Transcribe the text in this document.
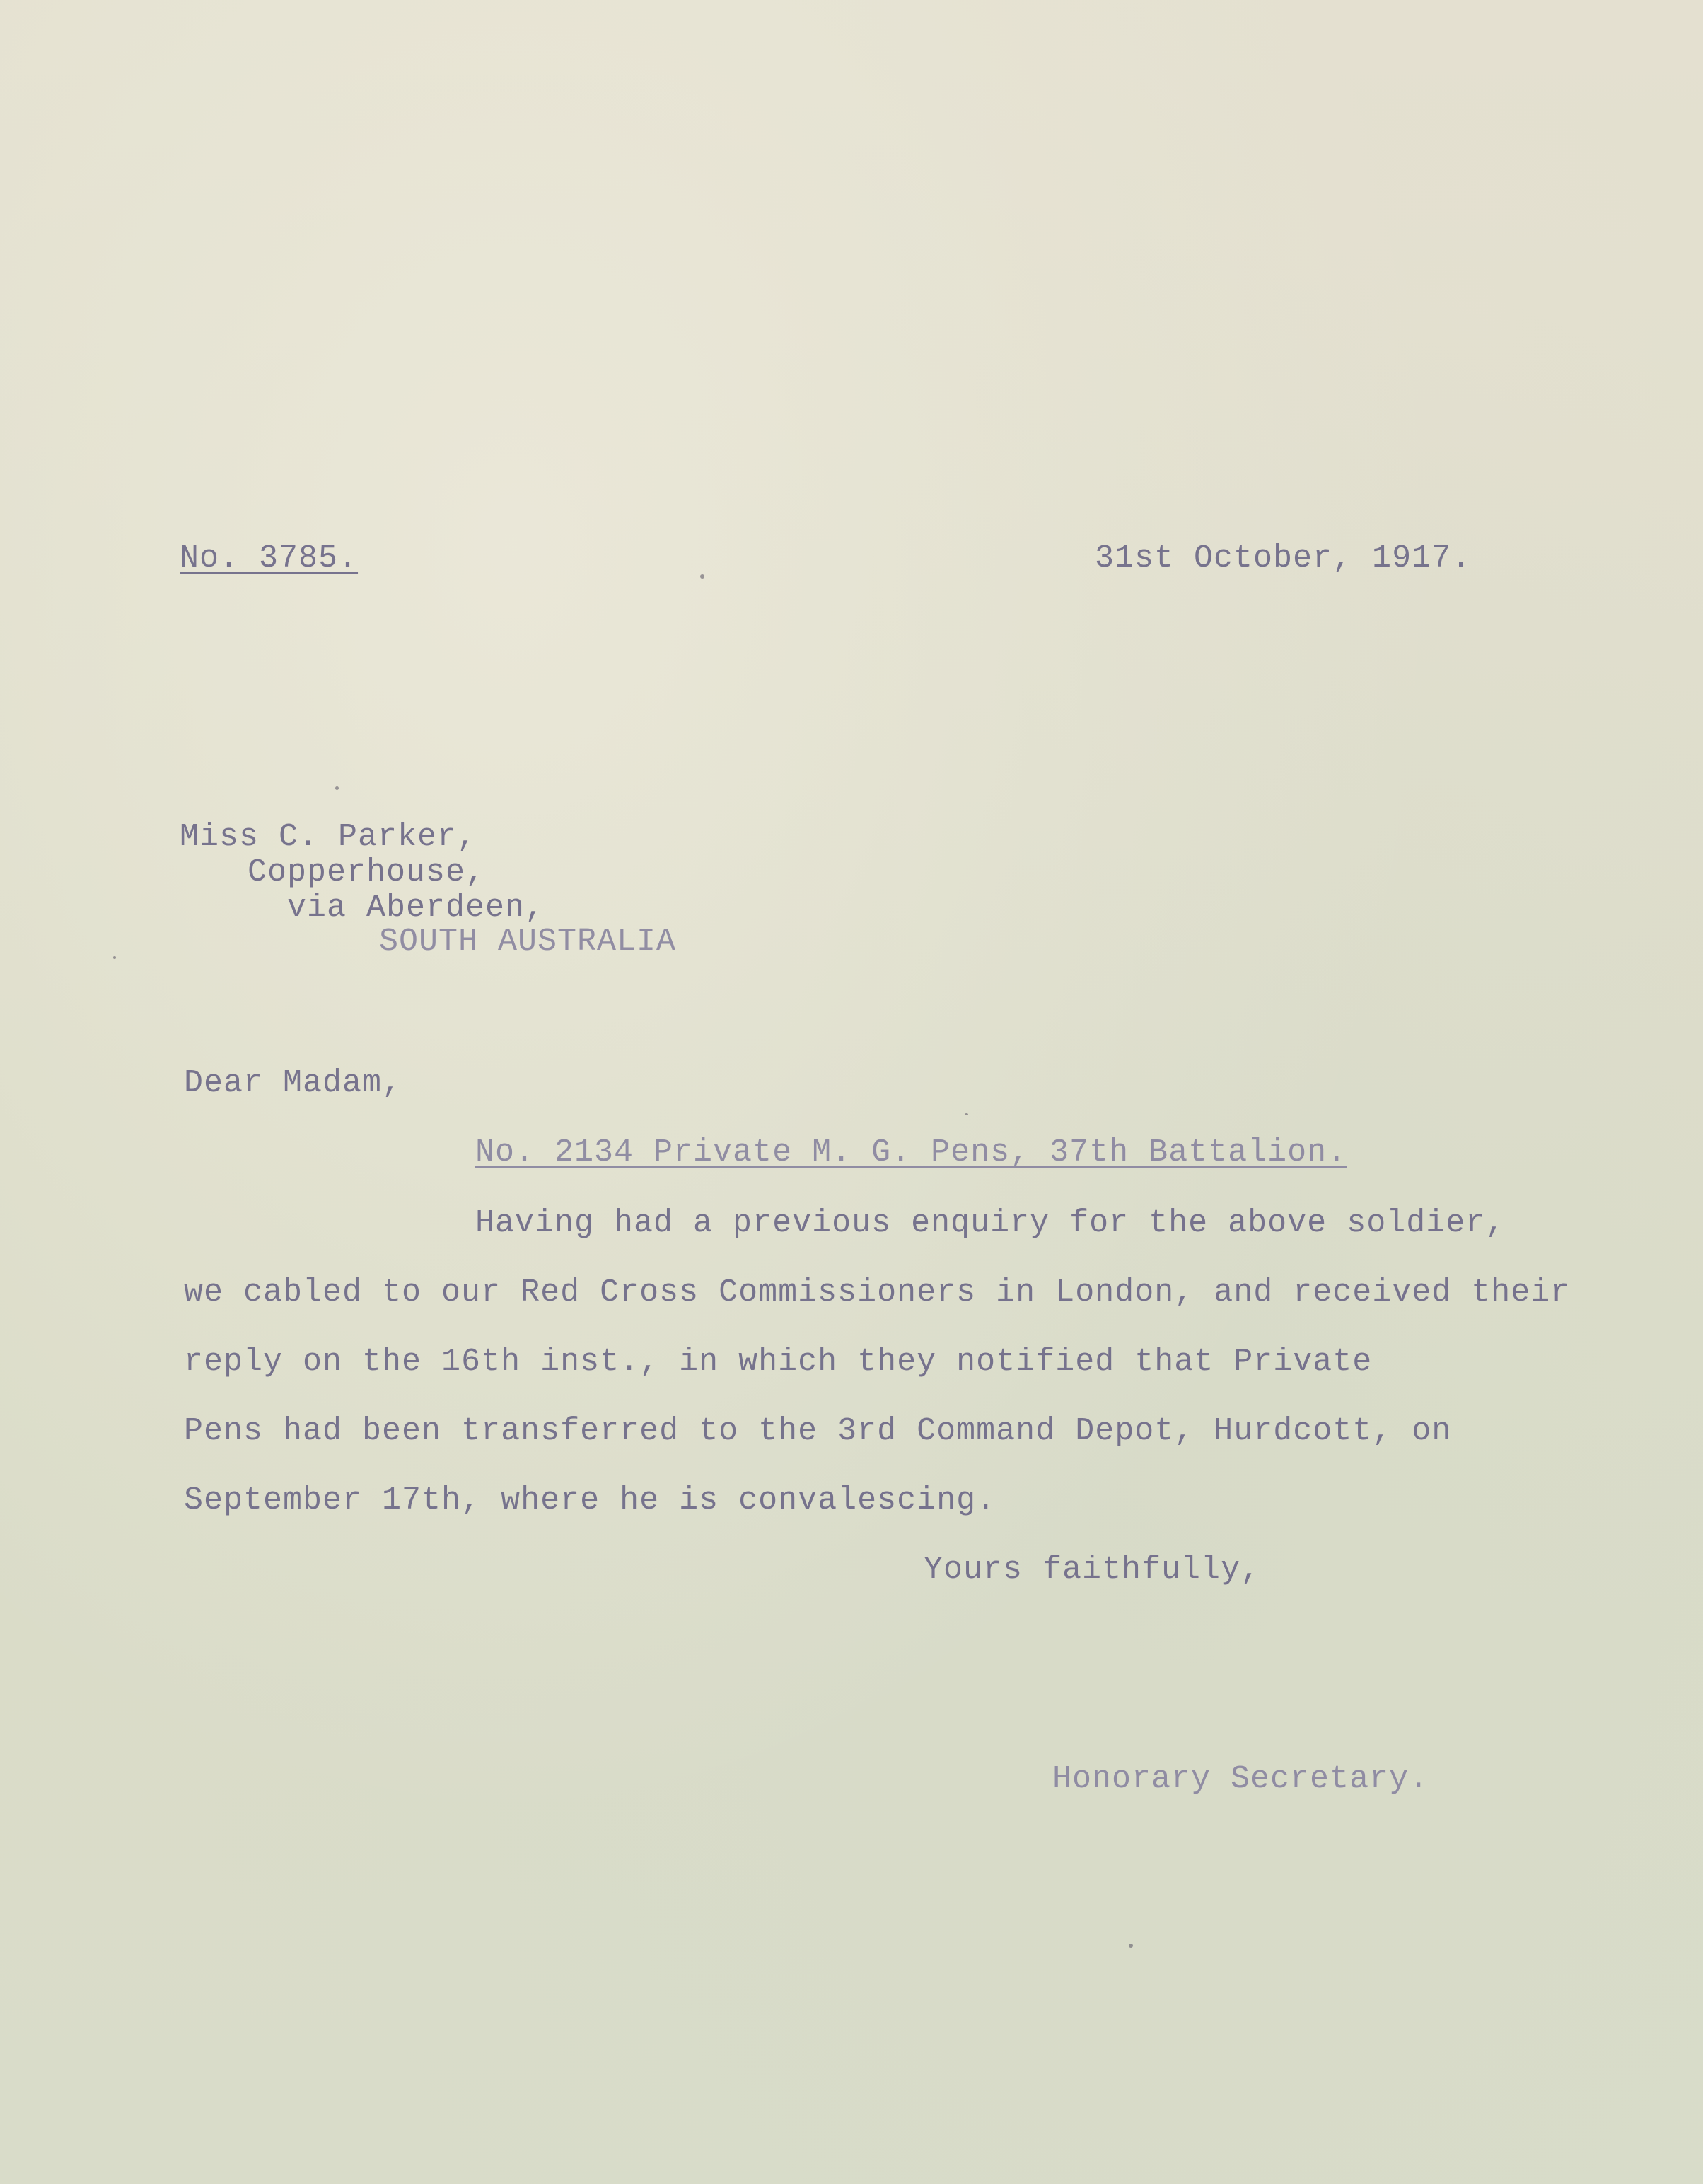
No. 3785.	31st October, 1917.
Miss C. Parker,
Copperhouse,
via Aberdeen,
SOUTH AUSTRALIA
Dear Madam,
No. 2134 Private M. G. Pens, 37th Battalion.
Having had a previous enquiry for the above soldier,
we cabled to our Red Cross Commissioners in London, and received their
reply on the 16th inst., in which they notified that Private
Pens had been transferred to the 3rd Command Depot, Hurdcott, on
September 17th, where he is convalescing.
Yours faithfully,
Honorary Secretary.
